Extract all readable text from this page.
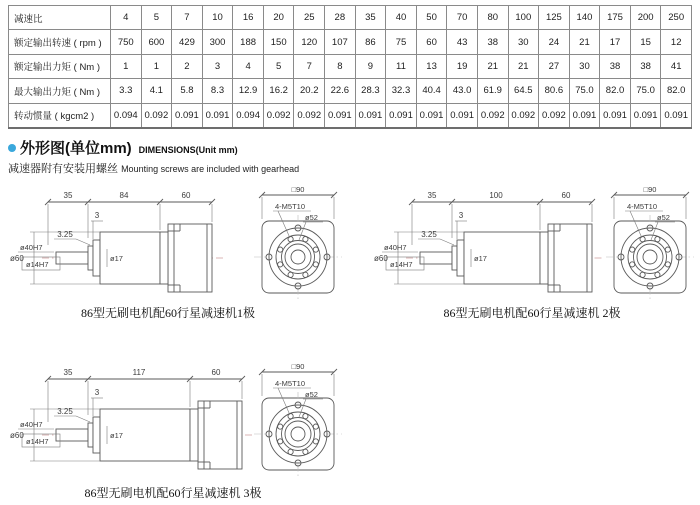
减速比	4	5	7	10	16	20	25	28	35	40	50	70	80	100	125	140	175	200	250
额定输出转速 ( rpm )	750	600	429	300	188	150	120	107	86	75	60	43	38	30	24	21	17	15	12
额定输出力矩 ( Nm )	1	1	2	3	4	5	7	8	9	11	13	19	21	21	27	30	38	38	41
最大输出力矩 ( Nm )	3.3	4.1	5.8	8.3	12.9	16.2	20.2	22.6	28.3	32.3	40.4	43.0	61.9	64.5	80.6	75.0	82.0	75.0	82.0
转动惯量 ( kgcm2 )	0.094	0.092	0.091	0.091	0.094	0.092	0.092	0.091	0.091	0.091	0.091	0.091	0.092	0.092	0.092	0.091	0.091	0.091	0.091
外形图(单位mm) DIMENSIONS(Unit mm)
减速器附有安装用螺丝 Mounting screws are included with gearhead
35	84	60
3
3.25
ø40H7
ø14H7
ø17
ø60
□90
4-M5T10
ø52
35	100	60
3
3.25
ø40H7
ø14H7
ø17
ø60
□90
4-M5T10
ø52
86型无刷电机配60行星减速机1极	86型无刷电机配60行星减速机 2极
35	117	60
3
3.25
ø40H7
ø14H7
ø17
ø60
□90
4-M5T10
ø52
86型无刷电机配60行星减速机 3极
